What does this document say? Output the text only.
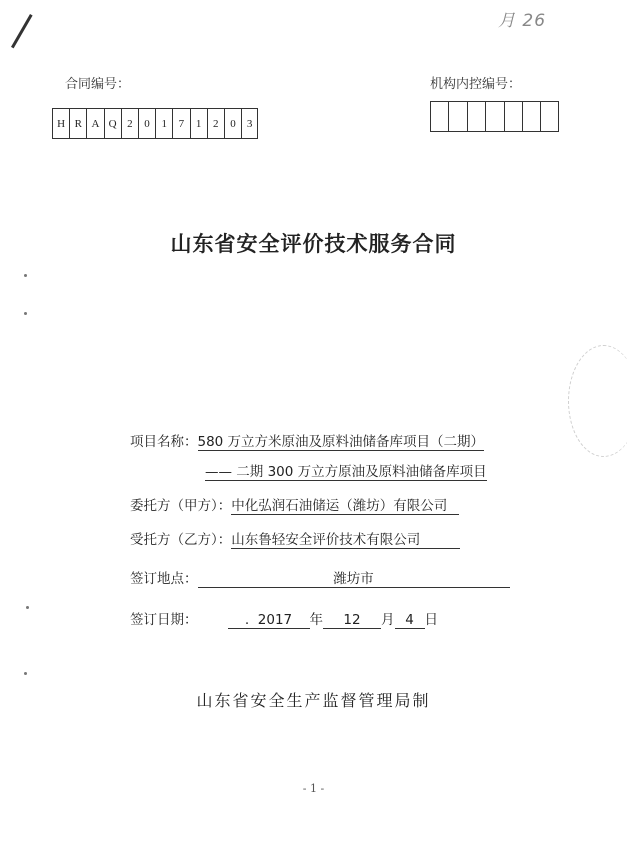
月 26
合同编号：
H R A Q 2	0	1	7	1	2	0	3
机构内控编号：
山东省安全评价技术服务合同
项目名称：580 万立方米原油及原料油储备库项目（二期）
—— 二期 300 万立方原油及原料油储备库项目
委托方（甲方）：中化弘润石油储运（潍坊）有限公司
受托方（乙方）：山东鲁轻安全评价技术有限公司
签订地点：	潍坊市
签订日期：	. 2017 年 12 月 4 日
山东省安全生产监督管理局制
- 1 -
